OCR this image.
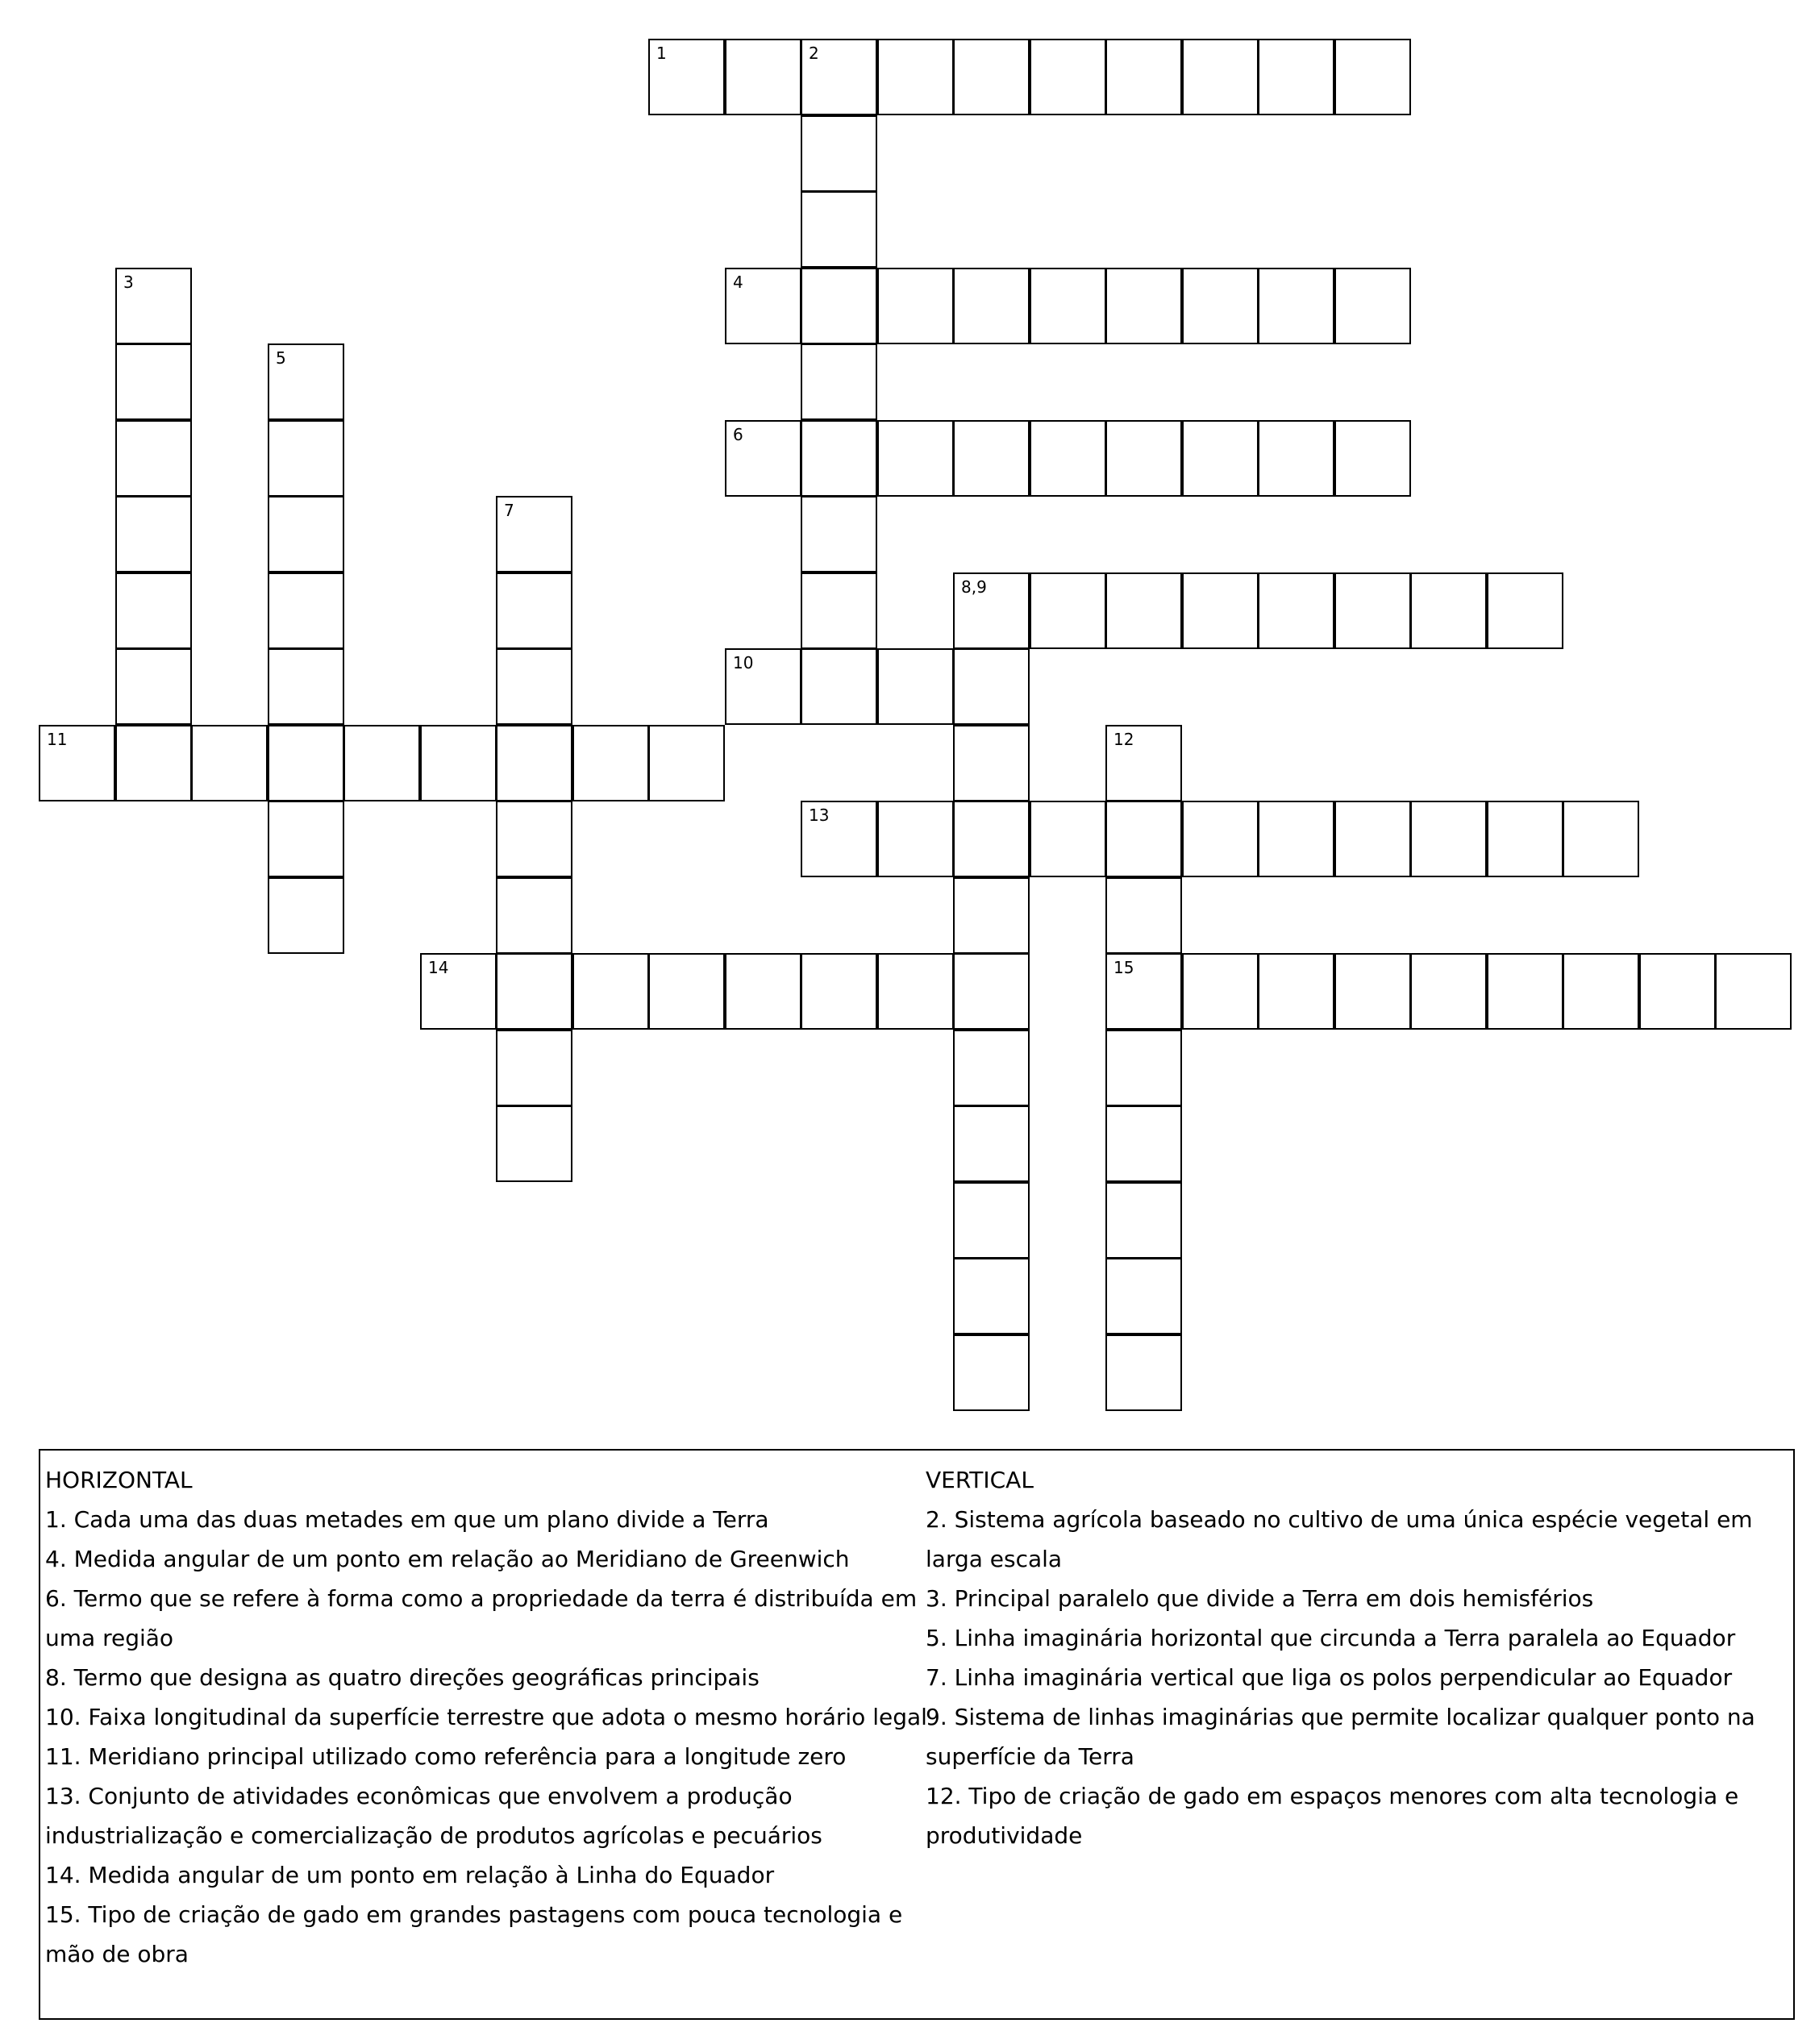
1	2
3	4
5
6
7
8,9
10
11	12
15
13
14
HORIZONTAL
1. Cada uma das duas metades em que um plano divide a Terra
4. Medida angular de um ponto em relação ao Meridiano de Greenwich
6. Termo que se refere à forma como a propriedade da terra é distribuída em uma região
8. Termo que designa as quatro direções geográficas principais
10. Faixa longitudinal da superfície terrestre que adota o mesmo horário legal
11. Meridiano principal utilizado como referência para a longitude zero
13. Conjunto de atividades econômicas que envolvem a produção industrialização e comercialização de produtos agrícolas e pecuários
14. Medida angular de um ponto em relação à Linha do Equador
15. Tipo de criação de gado em grandes pastagens com pouca tecnologia e mão de obra
VERTICAL
2. Sistema agrícola baseado no cultivo de uma única espécie vegetal em larga escala
3. Principal paralelo que divide a Terra em dois hemisférios
5. Linha imaginária horizontal que circunda a Terra paralela ao Equador
7. Linha imaginária vertical que liga os polos perpendicular ao Equador
9. Sistema de linhas imaginárias que permite localizar qualquer ponto na superfície da Terra
12. Tipo de criação de gado em espaços menores com alta tecnologia e produtividade
